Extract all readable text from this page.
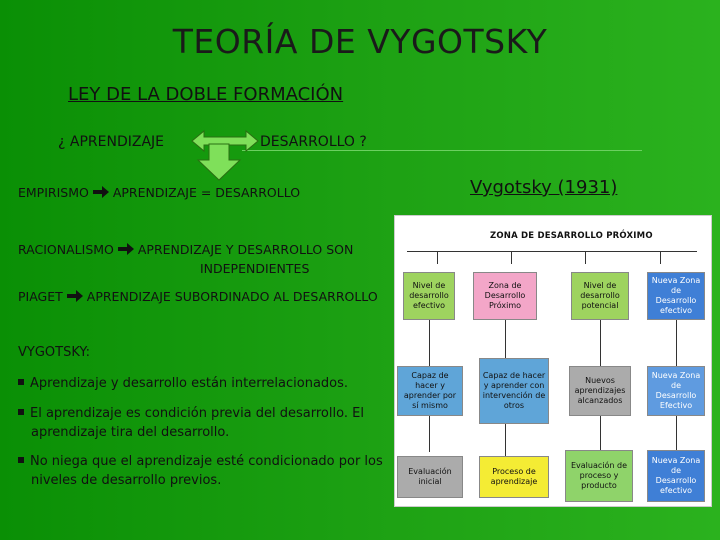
TEORÍA DE VYGOTSKY
LEY DE LA DOBLE FORMACIÓN
¿ APRENDIZAJE	DESARROLLO ?
EMPIRISMO APRENDIZAJE = DESARROLLO
RACIONALISMO APRENDIZAJE Y DESARROLLO SON
INDEPENDIENTES
PIAGET APRENDIZAJE SUBORDINADO AL DESARROLLO
VYGOTSKY:
Aprendizaje y desarrollo están interrelacionados.
El aprendizaje es condición previa del desarrollo. El
aprendizaje tira del desarrollo.
No niega que el aprendizaje esté condicionado por los
niveles de desarrollo previos.
Vygotsky (1931)
ZONA DE DESARROLLO PRÓXIMO
Nivel de desarrollo efectivo
Zona de Desarrollo Próximo
Nivel de desarrollo potencial
Nueva Zona de Desarrollo efectivo
Capaz de hacer y aprender por sí mismo
Capaz de hacer y aprender con intervención de otros
Nuevos aprendizajes alcanzados
Nueva Zona de Desarrollo Efectivo
Evaluación inicial
Proceso de aprendizaje
Evaluación de proceso y producto
Nueva Zona de Desarrollo efectivo
